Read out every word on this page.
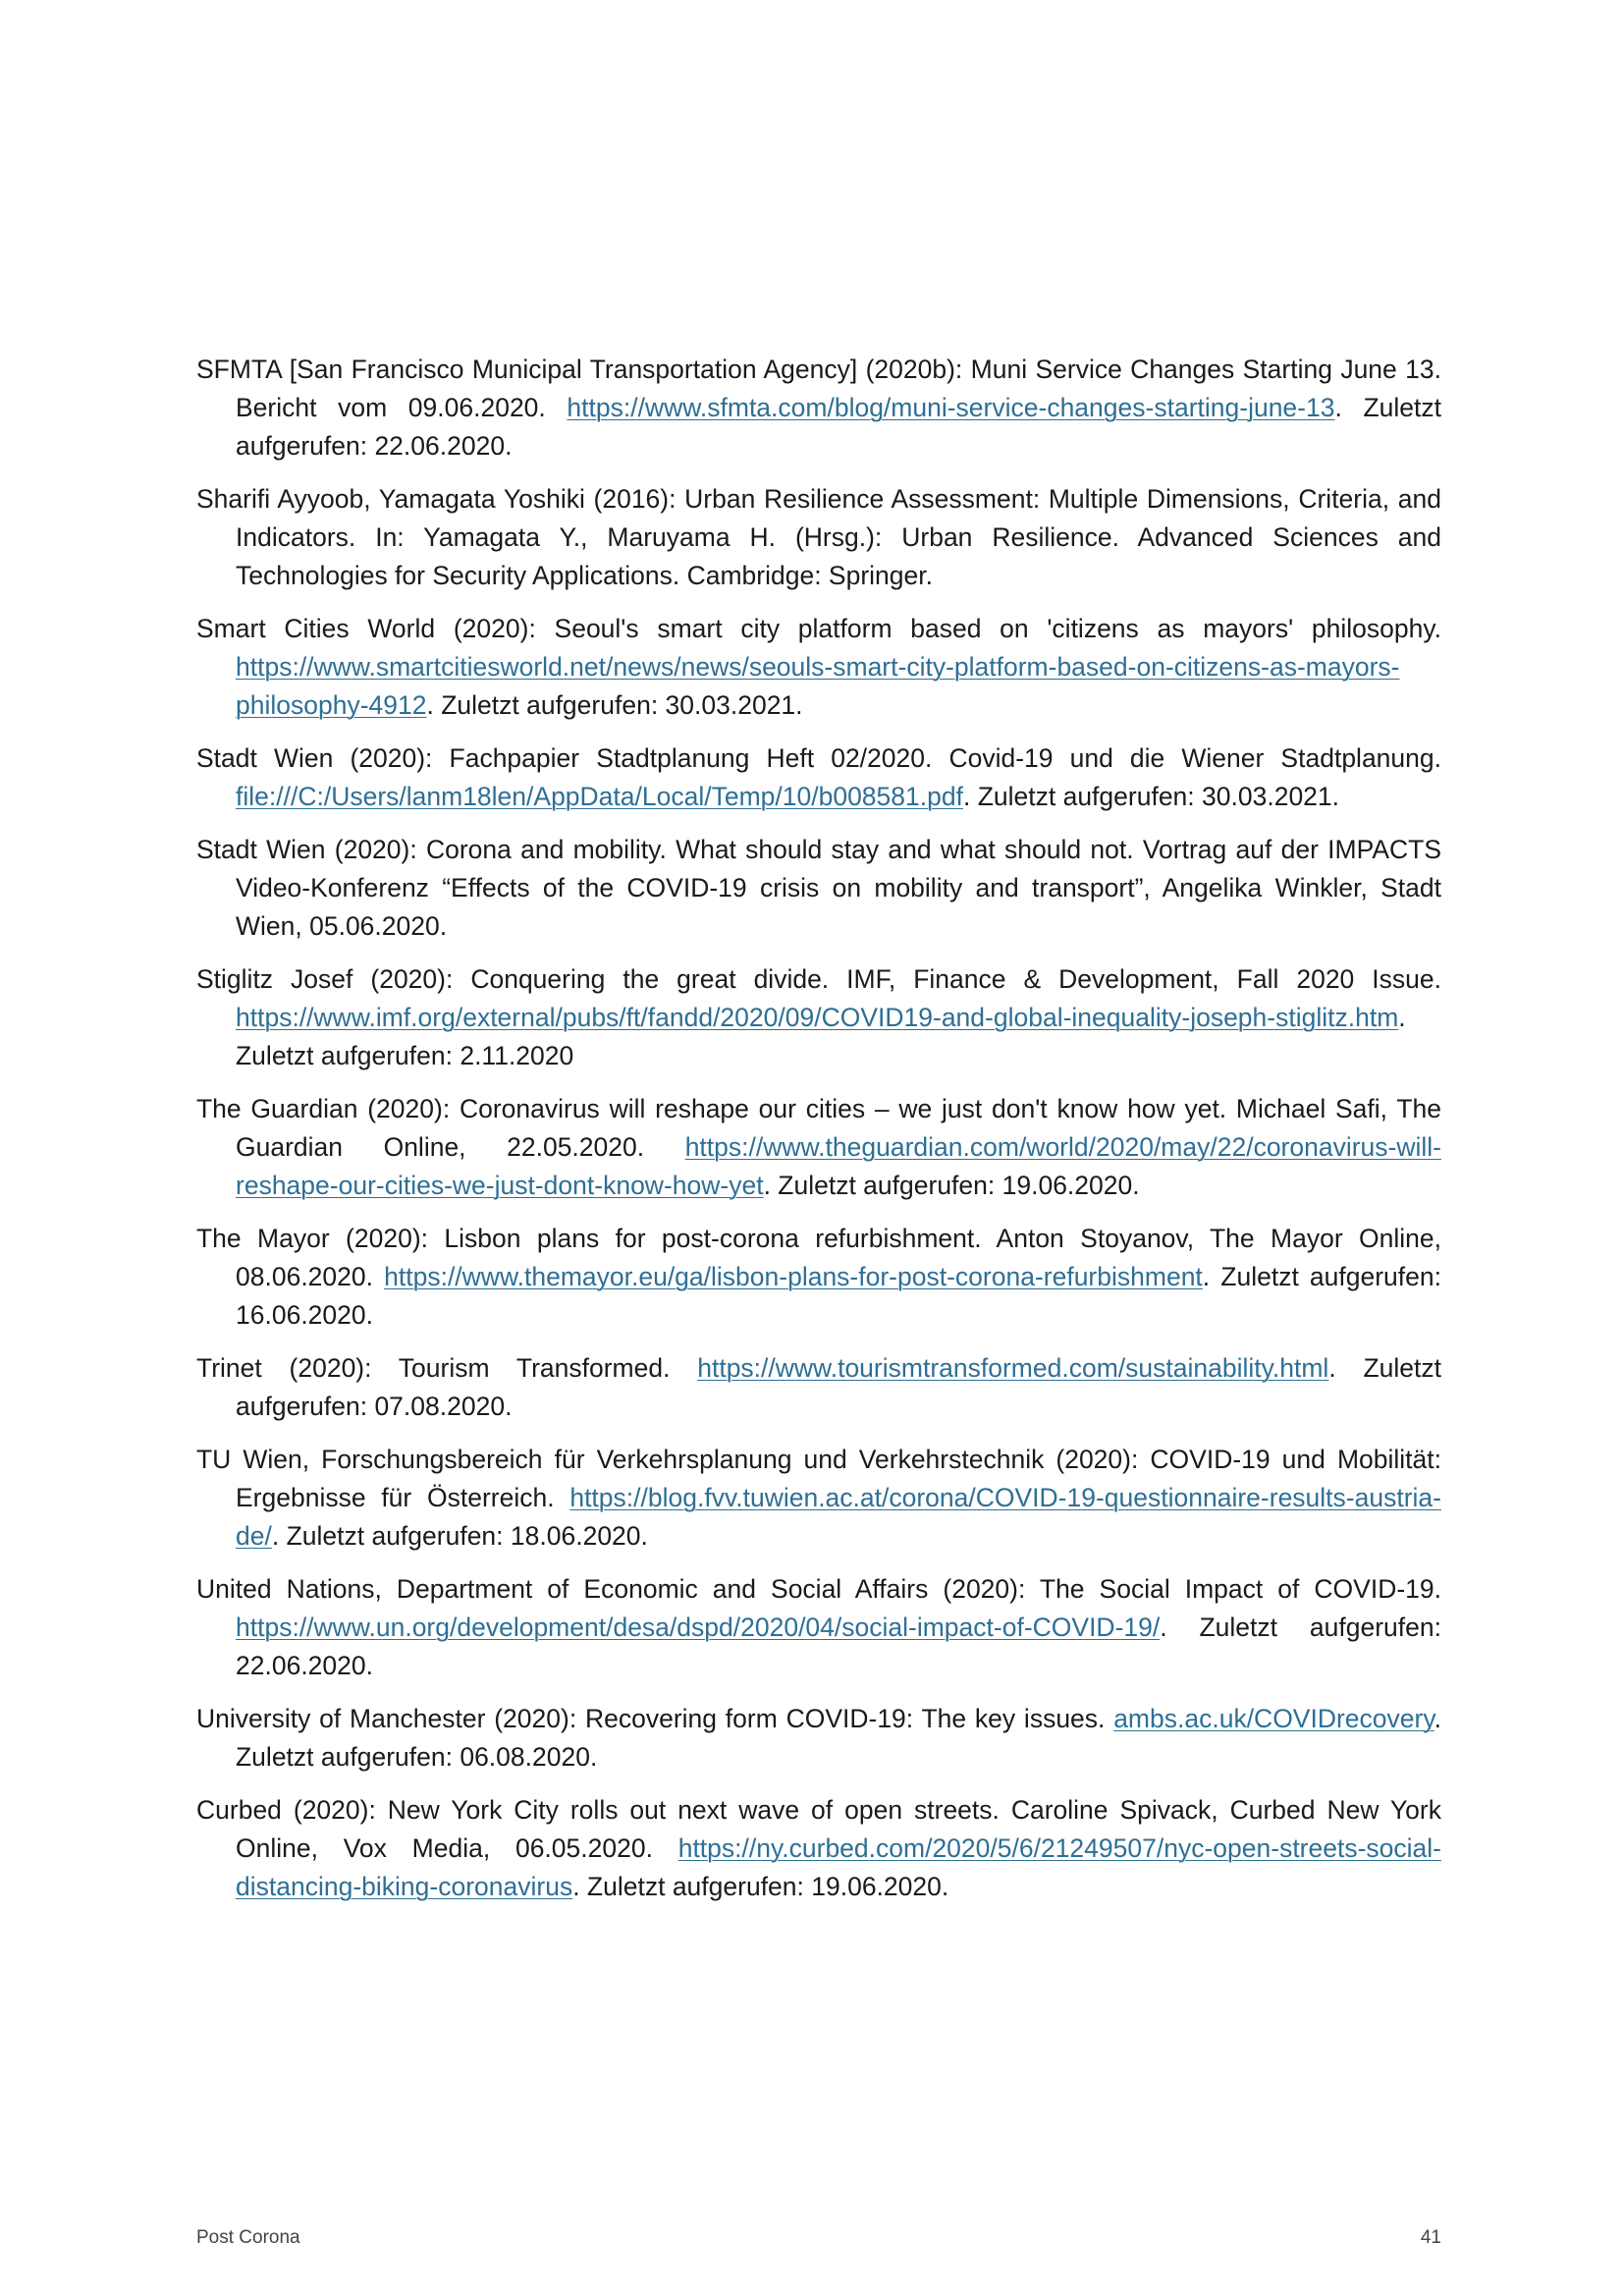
SFMTA [San Francisco Municipal Transportation Agency] (2020b): Muni Service Changes Starting June 13. Bericht vom 09.06.2020. https://www.sfmta.com/blog/muni-service-changes-starting-june-13. Zuletzt aufgerufen: 22.06.2020.

Sharifi Ayyoob, Yamagata Yoshiki (2016): Urban Resilience Assessment: Multiple Dimensions, Criteria, and Indicators. In: Yamagata Y., Maruyama H. (Hrsg.): Urban Resilience. Advanced Sciences and Technologies for Security Applications. Cambridge: Springer.

Smart Cities World (2020): Seoul's smart city platform based on 'citizens as mayors' philosophy. https://www.smartcitiesworld.net/news/news/seouls-smart-city-platform-based-on-citizens-as-mayors-philosophy-4912. Zuletzt aufgerufen: 30.03.2021.

Stadt Wien (2020): Fachpapier Stadtplanung Heft 02/2020. Covid-19 und die Wiener Stadtplanung. file:///C:/Users/lanm18len/AppData/Local/Temp/10/b008581.pdf. Zuletzt aufgerufen: 30.03.2021.

Stadt Wien (2020): Corona and mobility. What should stay and what should not. Vortrag auf der IMPACTS Video-Konferenz “Effects of the COVID-19 crisis on mobility and transport”, Angelika Winkler, Stadt Wien, 05.06.2020.

Stiglitz Josef (2020): Conquering the great divide. IMF, Finance & Development, Fall 2020 Issue. https://www.imf.org/external/pubs/ft/fandd/2020/09/COVID19-and-global-inequality-joseph-stiglitz.htm. Zuletzt aufgerufen: 2.11.2020

The Guardian (2020): Coronavirus will reshape our cities – we just don't know how yet. Michael Safi, The Guardian Online, 22.05.2020. https://www.theguardian.com/world/2020/may/22/coronavirus-will-reshape-our-cities-we-just-dont-know-how-yet. Zuletzt aufgerufen: 19.06.2020.

The Mayor (2020): Lisbon plans for post-corona refurbishment. Anton Stoyanov, The Mayor Online, 08.06.2020. https://www.themayor.eu/ga/lisbon-plans-for-post-corona-refurbishment. Zuletzt aufgerufen: 16.06.2020.

Trinet (2020): Tourism Transformed. https://www.tourismtransformed.com/sustainability.html. Zuletzt aufgerufen: 07.08.2020.

TU Wien, Forschungsbereich für Verkehrsplanung und Verkehrstechnik (2020): COVID-19 und Mobilität: Ergebnisse für Österreich. https://blog.fvv.tuwien.ac.at/corona/COVID-19-questionnaire-results-austria-de/. Zuletzt aufgerufen: 18.06.2020.

United Nations, Department of Economic and Social Affairs (2020): The Social Impact of COVID-19. https://www.un.org/development/desa/dspd/2020/04/social-impact-of-COVID-19/. Zuletzt aufgerufen: 22.06.2020.

University of Manchester (2020): Recovering form COVID-19: The key issues. ambs.ac.uk/COVIDrecovery. Zuletzt aufgerufen: 06.08.2020.

Curbed (2020): New York City rolls out next wave of open streets. Caroline Spivack, Curbed New York Online, Vox Media, 06.05.2020. https://ny.curbed.com/2020/5/6/21249507/nyc-open-streets-social-distancing-biking-coronavirus. Zuletzt aufgerufen: 19.06.2020.

Post Corona	41
